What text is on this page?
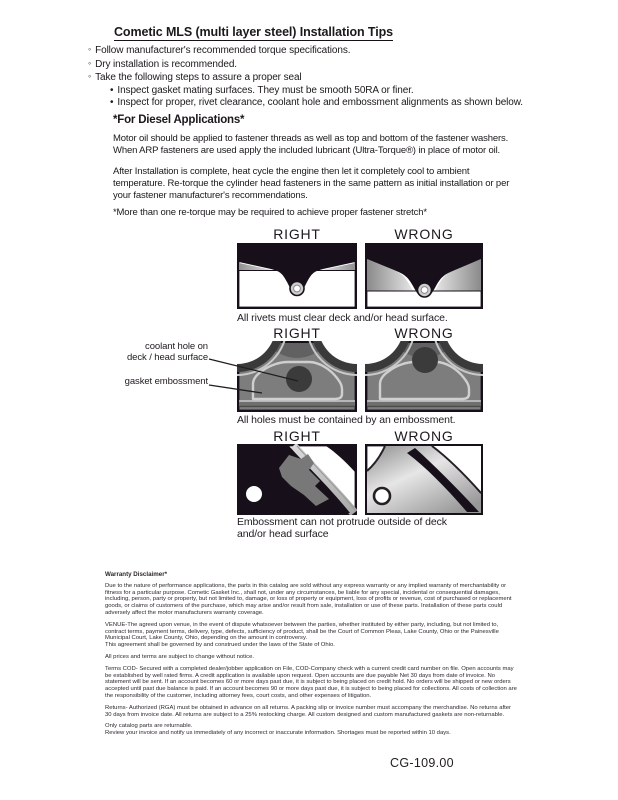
Cometic MLS (multi layer steel) Installation Tips
◦ Follow manufacturer's recommended torque specifications.
◦ Dry installation is recommended.
◦ Take the following steps to assure a proper seal
• Inspect gasket mating surfaces. They must be smooth 50RA or finer.
• Inspect for proper, rivet clearance, coolant hole and embossment alignments as shown below.
*For Diesel Applications*

Motor oil should be applied to fastener threads as well as top and bottom of the fastener washers. When ARP fasteners are used apply the included lubricant (Ultra-Torque®) in place of motor oil.

After Installation is complete, heat cycle the engine then let it completely cool to ambient temperature. Re-torque the cylinder head fasteners in the same pattern as initial installation or per your fastener manufacturer's recommendations.

*More than one re-torque may be required to achieve proper fastener stretch*

RIGHT	WRONG
All rivets must clear deck and/or head surface.
coolant hole on
deck / head surface
gasket embossment
RIGHT	WRONG
All holes must be contained by an embossment.
RIGHT	WRONG
Embossment can not protrude outside of deck
and/or head surface
Warranty Disclaimer*

Due to the nature of performance applications, the parts in this catalog are sold without any express warranty or any implied warranty of merchantability or fitness for a particular purpose. Cometic Gasket Inc., shall not, under any circumstances, be liable for any special, incidental or consequential damages, including, person, party or property, but not limited to, damage, or loss of property or equipment, loss of profits or revenue, cost of purchased or replacement goods, or claims of customers of the purchase, which may arise and/or result from sale, installation or use of these parts. Installation of these parts could adversely affect the motor manufacturers warranty coverage.

VENUE-The agreed upon venue, in the event of dispute whatsoever between the parties, whether instituted by either party, including, but not limited to, contract terms, payment terms, delivery, type, defects, sufficiency of product, shall be the Court of Common Pleas, Lake County, Ohio or the Painesville Municipal Court, Lake County, Ohio, depending on the amount in controversy.
This agreement shall be governed by and construed under the laws of the State of Ohio.

All prices and terms are subject to change without notice.

Terms COD- Secured with a completed dealer/jobber application on File, COD-Company check with a current credit card number on file. Open accounts may be established by well rated firms. A credit application is available upon request. Open accounts are due payable Net 30 days from date of invoice. No statement will be sent. If an account becomes 60 or more days past due, it is subject to being placed on credit hold. No orders will be shipped or new orders accepted until past due balance is paid. If an account becomes 90 or more days past due, it is subject to being placed for collections. All costs of collection are the responsibility of the customer, including attorney fees, court costs, and other expenses of litigation.

Returns- Authorized (RGA) must be obtained in advance on all returns. A packing slip or invoice number must accompany the merchandise. No returns after 30 days from invoice date. All returns are subject to a 25% restocking charge. All custom designed and custom manufactured gaskets are non-returnable.

Only catalog parts are returnable.
Review your invoice and notify us immediately of any incorrect or inaccurate information. Shortages must be reported within 10 days.

CG-109.00
